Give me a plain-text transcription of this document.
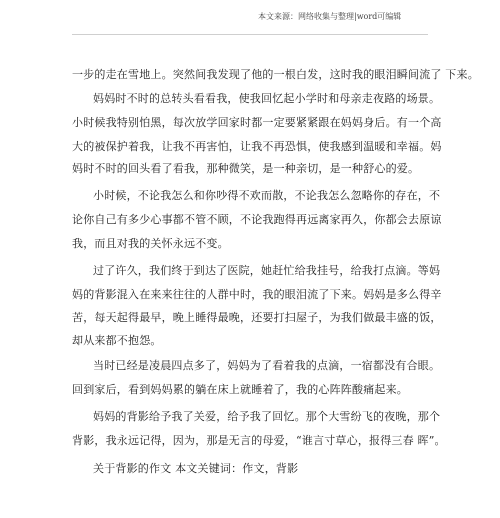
本文来源：网络收集与整理|word可编辑
一步的走在雪地上。突然间我发现了他的一根白发，这时我的眼泪瞬间流了 下来。
妈妈时不时的总转头看看我，使我回忆起小学时和母亲走夜路的场景。
小时候我特别怕黑，每次放学回家时都一定要紧紧跟在妈妈身后。有一个高
大的被保护着我，让我不再害怕，让我不再恐惧，使我感到温暖和幸福。妈
妈时不时的回头看了看我，那种微笑，是一种亲切，是一种舒心的爱。
小时候，不论我怎么和你吵得不欢而散，不论我怎么忽略你的存在，不
论你自己有多少心事都不管不顾，不论我跑得再远离家再久，你都会去原谅
我，而且对我的关怀永远不变。
过了许久，我们终于到达了医院，她赶忙给我挂号，给我打点滴。等妈
妈的背影混入在来来往往的人群中时，我的眼泪流了下来。妈妈是多么得辛
苦，每天起得最早，晚上睡得最晚，还要打扫屋子，为我们做最丰盛的饭，
却从来都不抱怨。
当时已经是凌晨四点多了，妈妈为了看着我的点滴，一宿都没有合眼。
回到家后，看到妈妈累的躺在床上就睡着了，我的心阵阵酸痛起来。
妈妈的背影给予我了关爱，给予我了回忆。那个大雪纷飞的夜晚，那个
背影，我永远记得，因为，那是无言的母爱，“谁言寸草心，报得三春 晖”。
关于背影的作文 本文关键词：作文，背影
